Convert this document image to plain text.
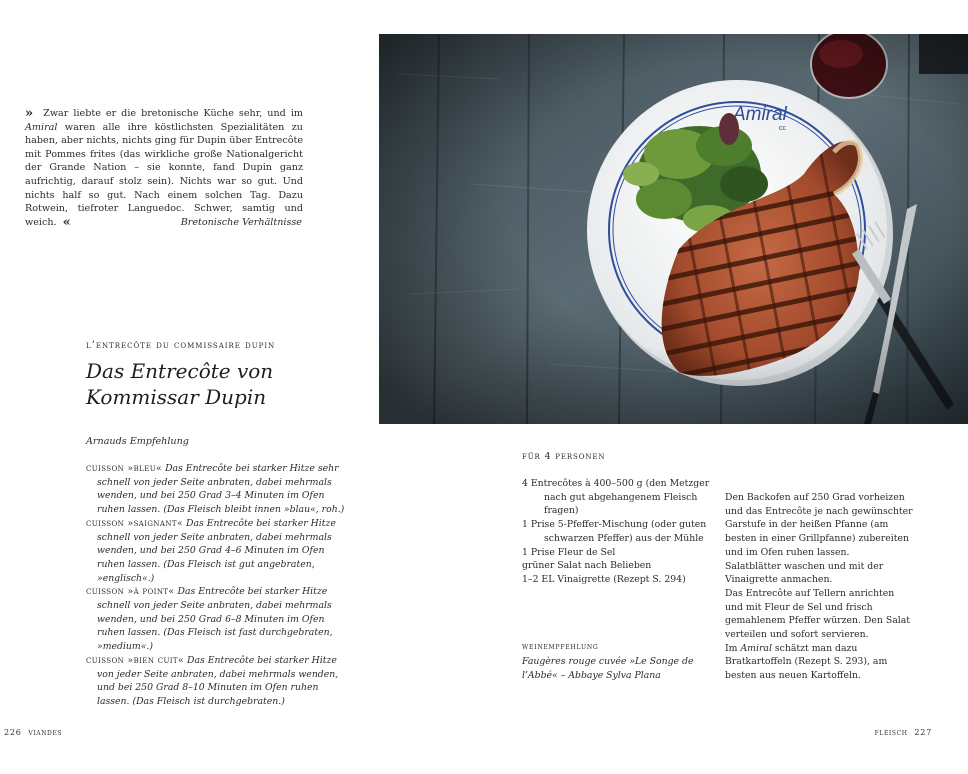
» Zwar liebte er die bretonische Küche sehr, und im Amiral waren alle ihre köstlichsten Spezialitäten zu haben, aber nichts, nichts ging für Dupin über Entrecôte mit Pommes frites (das wirkliche große Nationalgericht der Grande Nation – sie konnte, fand Dupin ganz aufrichtig, darauf stolz sein). Nichts war so gut. Und nichts half so gut. Nach einem solchen Tag. Dazu Rotwein, tiefroter Languedoc. Schwer, samtig und weich. «	Bretonische Verhältnisse
l’entrecôte du commissaire dupin
Das Entrecôte von
Kommissar Dupin
Arnauds Empfehlung
cuisson »bleu« Das Entrecôte bei starker Hitze sehr schnell von jeder Seite anbraten, dabei mehrmals wenden, und bei 250 Grad 3–4 Minuten im Ofen ruhen lassen. (Das Fleisch bleibt innen »blau«, roh.)
cuisson »saignant« Das Entrecôte bei starker Hitze schnell von jeder Seite anbraten, dabei mehrmals wenden, und bei 250 Grad 4–6 Minuten im Ofen ruhen lassen. (Das Fleisch ist gut angebraten, »englisch«.)
cuisson »à point« Das Entrecôte bei starker Hitze schnell von jeder Seite anbraten, dabei mehrmals wenden, und bei 250 Grad 6–8 Minuten im Ofen ruhen lassen. (Das Fleisch ist fast durchgebraten, »medium«.)
cuisson »bien cuit« Das Entrecôte bei starker Hitze von jeder Seite anbraten, dabei mehrmals wenden, und bei 250 Grad 8–10 Minuten im Ofen ruhen lassen. (Das Fleisch ist durchgebraten.)
für 4 personen
4 Entrecôtes à 400–500 g (den Metzger nach gut abgehangenem Fleisch fragen)
1 Prise 5-Pfeffer-Mischung (oder guten schwarzen Pfeffer) aus der Mühle
1 Prise Fleur de Sel
grüner Salat nach Belieben
1–2 EL Vinaigrette (Rezept S. 294)
weinempfehlung
Faugères rouge cuvée »Le Songe de l’Abbé« – Abbaye Sylva Plana
Den Backofen auf 250 Grad vorheizen und das Entrecôte je nach gewünschter Garstufe in der heißen Pfanne (am besten in einer Grillpfanne) zubereiten und im Ofen ruhen lassen.
Salatblätter waschen und mit der Vinaigrette anmachen.
Das Entrecôte auf Tellern anrichten und mit Fleur de Sel und frisch gemahlenem Pfeffer würzen. Den Salat verteilen und sofort servieren.
Im Amiral schätzt man dazu Bratkartoffeln (Rezept S. 293), am besten aus neuen Kartoffeln.
226 viandes	fleisch 227
